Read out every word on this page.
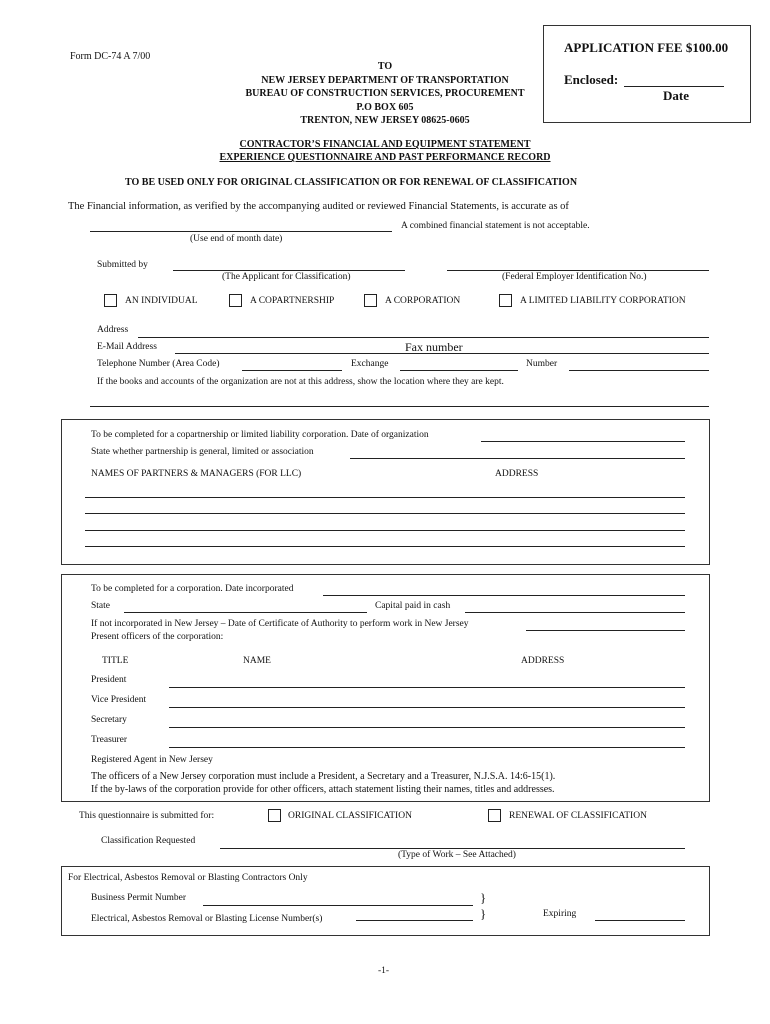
Form DC-74 A 7/00
APPLICATION FEE $100.00
Enclosed:
Date
TO
NEW JERSEY DEPARTMENT OF TRANSPORTATION
BUREAU OF CONSTRUCTION SERVICES, PROCUREMENT
P.O BOX 605
TRENTON, NEW JERSEY 08625-0605
CONTRACTOR’S FINANCIAL AND EQUIPMENT STATEMENT
EXPERIENCE QUESTIONNAIRE AND PAST PERFORMANCE RECORD
TO BE USED ONLY FOR ORIGINAL CLASSIFICATION OR FOR RENEWAL OF CLASSIFICATION
The Financial information, as verified by the accompanying audited or reviewed Financial Statements, is accurate as of
A combined financial statement is not acceptable.
(Use end of month date)
Submitted by
(The Applicant for Classification)	(Federal Employer Identification No.)
AN INDIVIDUAL	A COPARTNERSHIP	A CORPORATION	A LIMITED LIABILITY CORPORATION
Address
E-Mail Address	Fax number
Telephone Number (Area Code)	Exchange	Number
If the books and accounts of the organization are not at this address, show the location where they are kept.
To be completed for a copartnership or limited liability corporation. Date of organization
State whether partnership is general, limited or association
NAMES OF PARTNERS & MANAGERS (FOR LLC)	ADDRESS
To be completed for a corporation. Date incorporated
State	Capital paid in cash
If not incorporated in New Jersey – Date of Certificate of Authority to perform work in New Jersey
Present officers of the corporation:
TITLE	NAME	ADDRESS
President
Vice President
Secretary
Treasurer
Registered Agent in New Jersey
The officers of a New Jersey corporation must include a President, a Secretary and a Treasurer, N.J.S.A. 14:6-15(1).
If the by-laws of the corporation provide for other officers, attach statement listing their names, titles and addresses.
This questionnaire is submitted for:	ORIGINAL CLASSIFICATION	RENEWAL OF CLASSIFICATION
Classification Requested
(Type of Work – See Attached)
For Electrical, Asbestos Removal or Blasting Contractors Only
Business Permit Number
Electrical, Asbestos Removal or Blasting License Number(s)
}
}	Expiring
-1-
